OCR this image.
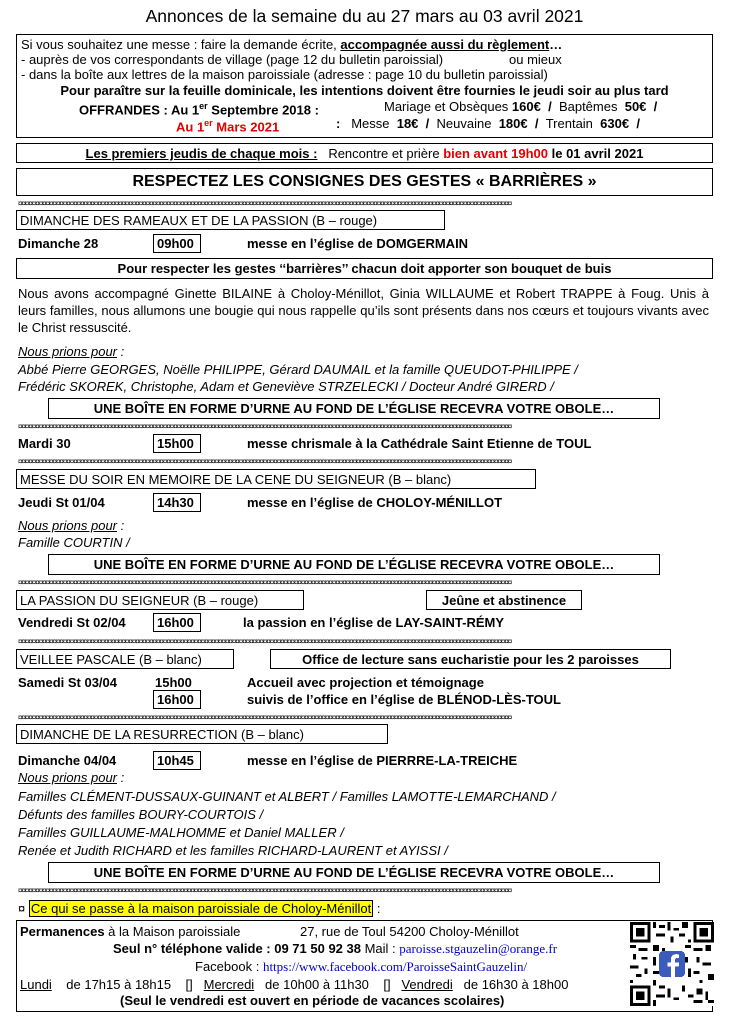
Annonces de la semaine du au 27 mars au 03 avril 2021
Si vous souhaitez une messe : faire la demande écrite, accompagnée aussi du règlement…
- auprès de vos correspondants de village (page 12 du bulletin paroissial)	ou mieux
- dans la boîte aux lettres de la maison paroissiale (adresse : page 10 du bulletin paroissial)
Pour paraître sur la feuille dominicale, les intentions doivent être fournies le jeudi soir au plus tard
OFFRANDES : Au 1er Septembre 2018 :	Mariage et Obsèques 160€ / Baptêmes 50€ /
Au 1er Mars 2021	: Messe 18€ / Neuvaine 180€ / Trentain 630€ /
Les premiers jeudis de chaque mois : Rencontre et prière bien avant 19h00 le 01 avril 2021
RESPECTEZ LES CONSIGNES DES GESTES « BARRIÈRES »
¤¤¤¤¤¤¤¤¤¤¤¤¤¤¤¤¤¤¤¤¤¤¤¤¤¤¤¤¤¤¤¤¤¤¤¤¤¤¤¤¤¤¤¤¤¤¤¤¤¤¤¤¤¤¤¤¤¤¤¤¤¤¤¤¤¤¤¤¤¤¤¤¤¤¤¤¤¤¤¤¤¤¤¤¤¤¤¤¤¤¤¤¤¤¤¤¤¤¤¤¤¤¤¤¤¤¤¤¤¤¤¤¤¤¤¤¤¤¤¤¤¤¤¤¤¤¤¤¤¤¤¤¤¤¤¤¤¤¤¤¤¤¤
DIMANCHE DES RAMEAUX ET DE LA PASSION (B – rouge)
Dimanche 28	09h00	messe en l’église de DOMGERMAIN
Pour respecter les gestes ‘‘barrières’’ chacun doit apporter son bouquet de buis
Nous avons accompagné Ginette BILAINE à Choloy-Ménillot, Ginia WILLAUME et Robert TRAPPE à Foug. Unis à leurs familles, nous allumons une bougie qui nous rappelle qu’ils sont présents dans nos cœurs et toujours vivants avec le Christ ressuscité.
Nous prions pour :
Abbé Pierre GEORGES, Noëlle PHILIPPE, Gérard DAUMAIL et la famille QUEUDOT-PHILIPPE /
Frédéric SKOREK, Christophe, Adam et Geneviève STRZELECKI / Docteur André GIRERD /
UNE BOÎTE EN FORME D’URNE AU FOND DE L’ÉGLISE RECEVRA VOTRE OBOLE…
¤¤¤¤¤¤¤¤¤¤¤¤¤¤¤¤¤¤¤¤¤¤¤¤¤¤¤¤¤¤¤¤¤¤¤¤¤¤¤¤¤¤¤¤¤¤¤¤¤¤¤¤¤¤¤¤¤¤¤¤¤¤¤¤¤¤¤¤¤¤¤¤¤¤¤¤¤¤¤¤¤¤¤¤¤¤¤¤¤¤¤¤¤¤¤¤¤¤¤¤¤¤¤¤¤¤¤¤¤¤¤¤¤¤¤¤¤¤¤¤¤¤¤¤¤¤¤¤¤¤¤¤¤¤¤¤¤¤¤¤¤¤¤
Mardi 30	15h00	messe chrismale à la Cathédrale Saint Etienne de TOUL
¤¤¤¤¤¤¤¤¤¤¤¤¤¤¤¤¤¤¤¤¤¤¤¤¤¤¤¤¤¤¤¤¤¤¤¤¤¤¤¤¤¤¤¤¤¤¤¤¤¤¤¤¤¤¤¤¤¤¤¤¤¤¤¤¤¤¤¤¤¤¤¤¤¤¤¤¤¤¤¤¤¤¤¤¤¤¤¤¤¤¤¤¤¤¤¤¤¤¤¤¤¤¤¤¤¤¤¤¤¤¤¤¤¤¤¤¤¤¤¤¤¤¤¤¤¤¤¤¤¤¤¤¤¤¤¤¤¤¤¤¤¤¤
MESSE DU SOIR EN MEMOIRE DE LA CENE DU SEIGNEUR (B – blanc)
Jeudi St 01/04	14h30	messe en l’église de CHOLOY-MÉNILLOT
Nous prions pour :
Famille COURTIN /
UNE BOÎTE EN FORME D’URNE AU FOND DE L’ÉGLISE RECEVRA VOTRE OBOLE…
¤¤¤¤¤¤¤¤¤¤¤¤¤¤¤¤¤¤¤¤¤¤¤¤¤¤¤¤¤¤¤¤¤¤¤¤¤¤¤¤¤¤¤¤¤¤¤¤¤¤¤¤¤¤¤¤¤¤¤¤¤¤¤¤¤¤¤¤¤¤¤¤¤¤¤¤¤¤¤¤¤¤¤¤¤¤¤¤¤¤¤¤¤¤¤¤¤¤¤¤¤¤¤¤¤¤¤¤¤¤¤¤¤¤¤¤¤¤¤¤¤¤¤¤¤¤¤¤¤¤¤¤¤¤¤¤¤¤¤¤¤¤¤
LA PASSION DU SEIGNEUR (B – rouge)	Jeûne et abstinence
Vendredi St 02/04 16h00	la passion en l’église de LAY-SAINT-RÉMY
¤¤¤¤¤¤¤¤¤¤¤¤¤¤¤¤¤¤¤¤¤¤¤¤¤¤¤¤¤¤¤¤¤¤¤¤¤¤¤¤¤¤¤¤¤¤¤¤¤¤¤¤¤¤¤¤¤¤¤¤¤¤¤¤¤¤¤¤¤¤¤¤¤¤¤¤¤¤¤¤¤¤¤¤¤¤¤¤¤¤¤¤¤¤¤¤¤¤¤¤¤¤¤¤¤¤¤¤¤¤¤¤¤¤¤¤¤¤¤¤¤¤¤¤¤¤¤¤¤¤¤¤¤¤¤¤¤¤¤¤¤¤¤
VEILLEE PASCALE (B – blanc)	Office de lecture sans eucharistie pour les 2 paroisses
Samedi St 03/04	15h00	Accueil avec projection et témoignage
16h00	suivis de l’office en l’église de BLÉNOD-LÈS-TOUL
¤¤¤¤¤¤¤¤¤¤¤¤¤¤¤¤¤¤¤¤¤¤¤¤¤¤¤¤¤¤¤¤¤¤¤¤¤¤¤¤¤¤¤¤¤¤¤¤¤¤¤¤¤¤¤¤¤¤¤¤¤¤¤¤¤¤¤¤¤¤¤¤¤¤¤¤¤¤¤¤¤¤¤¤¤¤¤¤¤¤¤¤¤¤¤¤¤¤¤¤¤¤¤¤¤¤¤¤¤¤¤¤¤¤¤¤¤¤¤¤¤¤¤¤¤¤¤¤¤¤¤¤¤¤¤¤¤¤¤¤¤¤¤
DIMANCHE DE LA RESURRECTION (B – blanc)
Dimanche 04/04	10h45	messe en l’église de PIERRRE-LA-TREICHE
Nous prions pour :
Familles CLÉMENT-DUSSAUX-GUINANT et ALBERT / Familles LAMOTTE-LEMARCHAND /
Défunts des familles BOURY-COURTOIS /
Familles GUILLAUME-MALHOMME et Daniel MALLER /
Renée et Judith RICHARD et les familles RICHARD-LAURENT et AYISSI /
UNE BOÎTE EN FORME D’URNE AU FOND DE L’ÉGLISE RECEVRA VOTRE OBOLE…
¤¤¤¤¤¤¤¤¤¤¤¤¤¤¤¤¤¤¤¤¤¤¤¤¤¤¤¤¤¤¤¤¤¤¤¤¤¤¤¤¤¤¤¤¤¤¤¤¤¤¤¤¤¤¤¤¤¤¤¤¤¤¤¤¤¤¤¤¤¤¤¤¤¤¤¤¤¤¤¤¤¤¤¤¤¤¤¤¤¤¤¤¤¤¤¤¤¤¤¤¤¤¤¤¤¤¤¤¤¤¤¤¤¤¤¤¤¤¤¤¤¤¤¤¤¤¤¤¤¤¤¤¤¤¤¤¤¤¤¤¤¤¤
¤ Ce qui se passe à la maison paroissiale de Choloy-Ménillot :
Permanences à la Maison paroissiale	27, rue de Toul 54200 Choloy-Ménillot
Seul n° téléphone valide : 09 71 50 92 38 Mail : paroisse.stgauzelin@orange.fr
Facebook : https://www.facebook.com/ParoisseSaintGauzelin/
Lundi de 17h15 à 18h15 [] Mercredi de 10h00 à 11h30 [] Vendredi de 16h30 à 18h00
(Seul le vendredi est ouvert en période de vacances scolaires)
